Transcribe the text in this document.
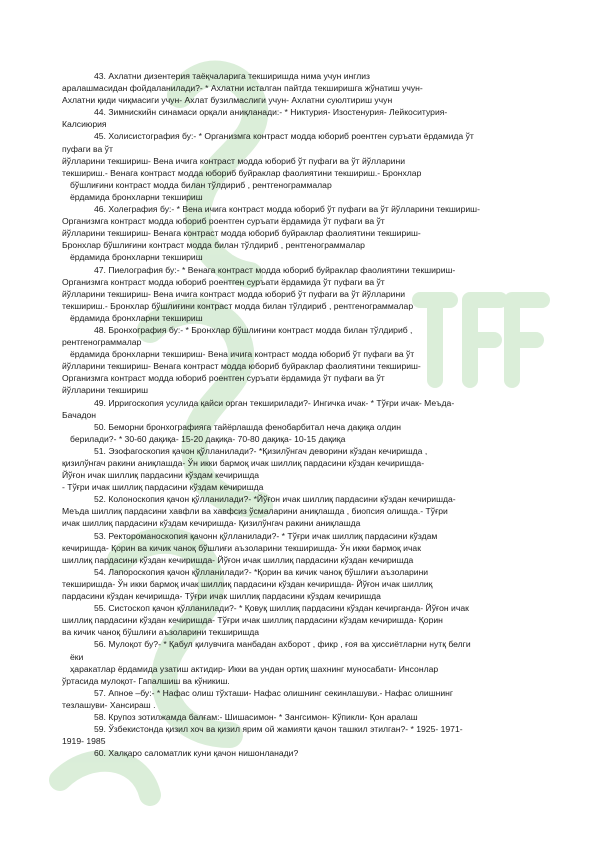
43. Ахлатни дизентерия таёқчаларига текширишда нима учун инглиз
аралашмасидан фойдаланилади?- * Ахлатни исталган пайтда текширишга жўнатиш учун-
Ахлатни қиди чиқмасиги учун- Ахлат бузилмаслиги учун- Ахлатни суюлтириш учун
44. Зимнискийн синамаси орқали аниқланади:- * Никтурия- Изостенурия- Лейкоситурия-
Калсиюрия
45. Холисистография бу:- * Организмга контраст модда юбориб роентген суръати ёрдамида ўт
пуфаги ва ўт
йўлларини текшириш- Вена ичига контраст модда юбориб ўт пуфаги ва ўт йўлларини
текшириш.- Венага контраст модда юбориб буйраклар фаолиятини текшириш.- Бронхлар
бўшлиғини контраст модда билан тўлдириб , рентгенограммалар
ёрдамида бронхларни текшириш
46. Холеграфия бу:- * Вена ичига контраст модда юбориб ўт пуфаги ва ўт йўлларини текшириш-
Организмга контраст модда юбориб роентген суръати ёрдамида ўт пуфаги ва ўт
йўлларини текшириш- Венага контраст модда юбориб буйраклар фаолиятини текшириш-
Бронхлар бўшлиғини контраст модда билан тўлдириб , рентгенограммалар
ёрдамида бронхларни текшириш
47. Пиелография бу:- * Венага контраст модда юбориб буйраклар фаолиятини текшириш-
Организмга контраст модда юбориб роентген суръати ёрдамида ўт пуфаги ва ўт
йўлларини текшириш- Вена ичига контраст модда юбориб ўт пуфаги ва ўт йўлларини
текшириш.- Бронхлар бўшлиғини контраст модда билан тўлдириб , рентгенограммалар
ёрдамида бронхларни текшириш
48. Бронхография бу:- * Бронхлар бўшлиғини контраст модда билан тўлдириб ,
рентгенограммалар
ёрдамида бронхларни текшириш- Вена ичига контраст модда юбориб ўт пуфаги ва ўт
йўлларини текшириш- Венага контраст модда юбориб буйраклар фаолиятини текшириш-
Организмга контраст модда юбориб роентген суръати ёрдамида ўт пуфаги ва ўт
йўлларини текшириш
49. Ирригоскопия усулида қайси орган текширилади?- Ингичка ичак- * Тўғри ичак- Меъда-
Бачадон
50. Беморни бронхографияга тайёрлашда фенобарбитал неча дақиқа олдин
берилади?- * 30-60 дақиқа- 15-20 дақиқа- 70-80 дақиқа- 10-15 дақиқа
51. Эзофагоскопия қачон қўлланилади?- *Қизилўнгач деворини кўздан кечиришда ,
қизилўнгач ракини аниқлашда- Ўн икки бармоқ ичак шиллиқ пардасини кўздан кечиришда-
Йўғон ичак шиллиқ пардасини кўздам кечиришда
- Тўғри ичак шиллиқ пардасини кўздам кечиришда
52. Колоноскопия қачон қўлланилади?- *Йўғон ичак шиллиқ пардасини кўздан кечиришда-
Меъда шиллиқ пардасини хавфли ва хавфсиз ўсмаларини аниқлашда , биопсия олишда.- Тўғри
ичак шиллиқ пардасини кўздам кечиришда- Қизилўнгач ракини аниқлашда
53. Ректороманоскопия қачонн қўлланилади?- * Тўғри ичак шиллиқ пардасини кўздам
кечиришда- Қорин ва кичик чаноқ бўшлиғи аъзоларини текширишда- Ўн икки бармоқ ичак
шиллиқ пардасини кўздан кечиришда- Йўғон ичак шиллиқ пардасини кўздан кечиришда
54. Лапороскопия қачон қўлланилади?- *Қорин ва кичик чаноқ бўшлиғи аъзоларини
текширишда- Ўн икки бармоқ ичак шиллиқ пардасини кўздан кечиришда- Йўғон ичак шиллиқ
пардасини кўздан кечиришда- Тўғри ичак шиллиқ пардасини кўздам кечиришда
55. Систоскоп қачон қўлланилади?- * Қовуқ шиллиқ пардасини кўздан кечирганда- Йўғон ичак
шиллиқ пардасини кўздан кечиришда- Тўғри ичак шиллиқ пардасини кўздам кечиришда- Қорин
ва кичик чаноқ бўшлиғи аъзоларини текширишда
56. Мулоқот бу?- * Қабул қилувчига манбадан ахборот , фикр , ғоя ва ҳиссиётларни нутқ белги
ёки
ҳаракатлар ёрдамида узатиш актидир- Икки ва ундан ортиқ шахнинг муносабати- Инсонлар
ўртасида мулоқот- Гапалшиш ва кўникиш.
57. Апное –бу:- * Нафас олиш тўхташи- Нафас олишнинг секинлашуви.- Нафас олишнинг
тезлашуви- Хансираш .
58. Крупоз зотилжамда балғам:- Шишасимон- * Зангсимон- Кўпикли- Қон аралаш
59. Ўзбекистонда қизил хоч ва қизил ярим ой жамияти қачон ташкил этилган?- * 1925- 1971-
1919- 1985
60. Халқаро саломатлик куни қачон нишонланади?
